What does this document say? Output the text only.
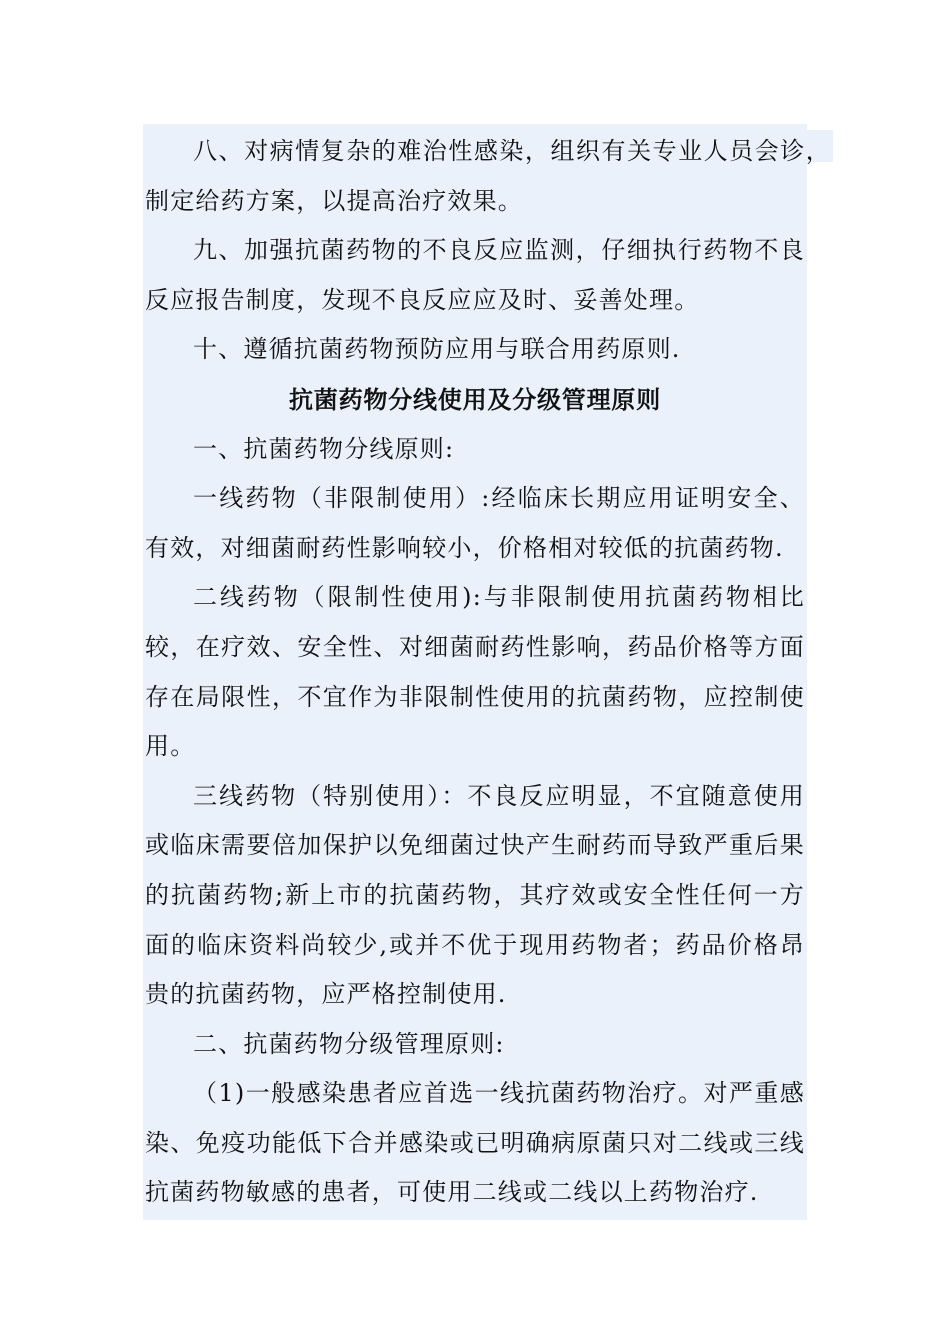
八、对病情复杂的难治性感染，组织有关专业人员会诊，制定给药方案，以提高治疗效果。

九、加强抗菌药物的不良反应监测，仔细执行药物不良反应报告制度，发现不良反应应及时、妥善处理。

十、遵循抗菌药物预防应用与联合用药原则.

抗菌药物分线使用及分级管理原则

一、抗菌药物分线原则:

一线药物（非限制使用）:经临床长期应用证明安全、有效，对细菌耐药性影响较小，价格相对较低的抗菌药物.

二线药物（限制性使用):与非限制使用抗菌药物相比较，在疗效、安全性、对细菌耐药性影响，药品价格等方面存在局限性，不宜作为非限制性使用的抗菌药物，应控制使用。

三线药物（特别使用）：不良反应明显，不宜随意使用或临床需要倍加保护以免细菌过快产生耐药而导致严重后果的抗菌药物;新上市的抗菌药物，其疗效或安全性任何一方面的临床资料尚较少,或并不优于现用药物者；药品价格昂贵的抗菌药物，应严格控制使用.

二、抗菌药物分级管理原则:

（1)一般感染患者应首选一线抗菌药物治疗。对严重感染、免疫功能低下合并感染或已明确病原菌只对二线或三线抗菌药物敏感的患者，可使用二线或二线以上药物治疗.
